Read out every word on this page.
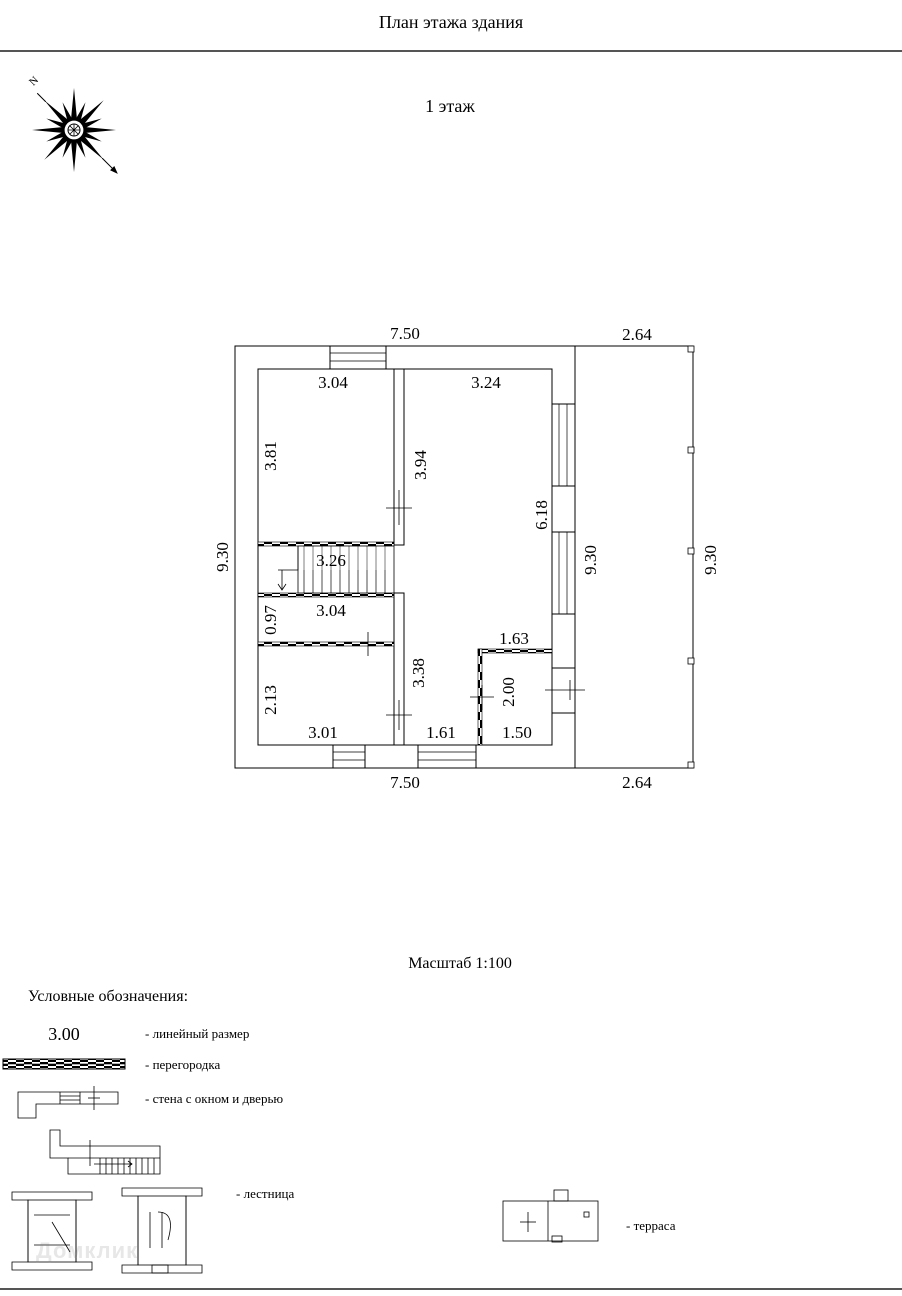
План этажа здания
N
1 этаж
7.50
7.50
2.64
2.64
9.30	9.30	9.30
3.04
3.81
3.24
3.94
6.18
3.26
3.04
0.97
2.13
3.01
3.38
1.61
1.63
2.00
1.50
3.00
Масштаб 1:100
Условные обозначения:
- линейный размер
- перегородка
- стена с окном и дверью
- лестница
- терраса
Домклик
